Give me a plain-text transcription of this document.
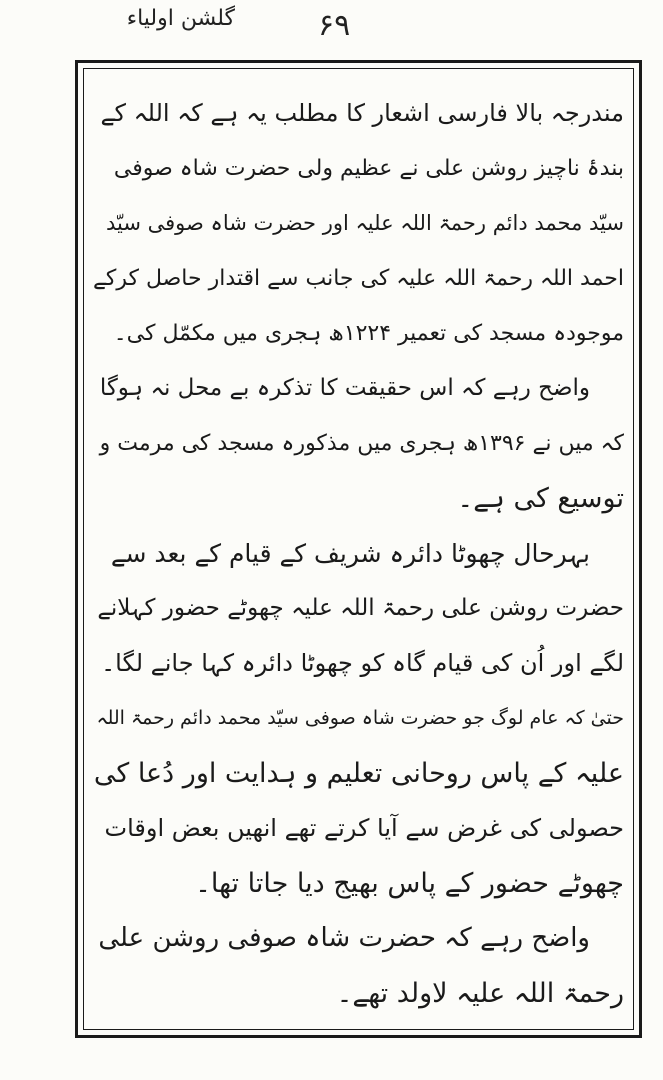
گلشن اولیاء	۶۹
مندرجہ بالا فارسی اشعار کا مطلب یہ ہے کہ اللہ کے
بندۂ ناچیز روشن علی نے عظیم ولی حضرت شاہ صوفی
سیّد محمد دائم رحمۃ اللہ علیہ اور حضرت شاہ صوفی سیّد
احمد اللہ رحمۃ اللہ علیہ کی جانب سے اقتدار حاصل کرکے
موجودہ مسجد کی تعمیر ۱۲۲۴ھ ہجری میں مکمّل کی۔
واضح رہے کہ اس حقیقت کا تذکرہ بے محل نہ ہوگا
کہ میں نے ۱۳۹۶ھ ہجری میں مذکورہ مسجد کی مرمت و
توسیع کی ہے۔
بہرحال چھوٹا دائرہ شریف کے قیام کے بعد سے
حضرت روشن علی رحمۃ اللہ علیہ چھوٹے حضور کہلانے
لگے اور اُن کی قیام گاہ کو چھوٹا دائرہ کہا جانے لگا۔
حتیٰ کہ عام لوگ جو حضرت شاہ صوفی سیّد محمد دائم رحمۃ اللہ
علیہ کے پاس روحانی تعلیم و ہدایت اور دُعا کی
حصولی کی غرض سے آیا کرتے تھے انھیں بعض اوقات
چھوٹے حضور کے پاس بھیج دیا جاتا تھا۔
واضح رہے کہ حضرت شاہ صوفی روشن علی
رحمۃ اللہ علیہ لاولد تھے۔
